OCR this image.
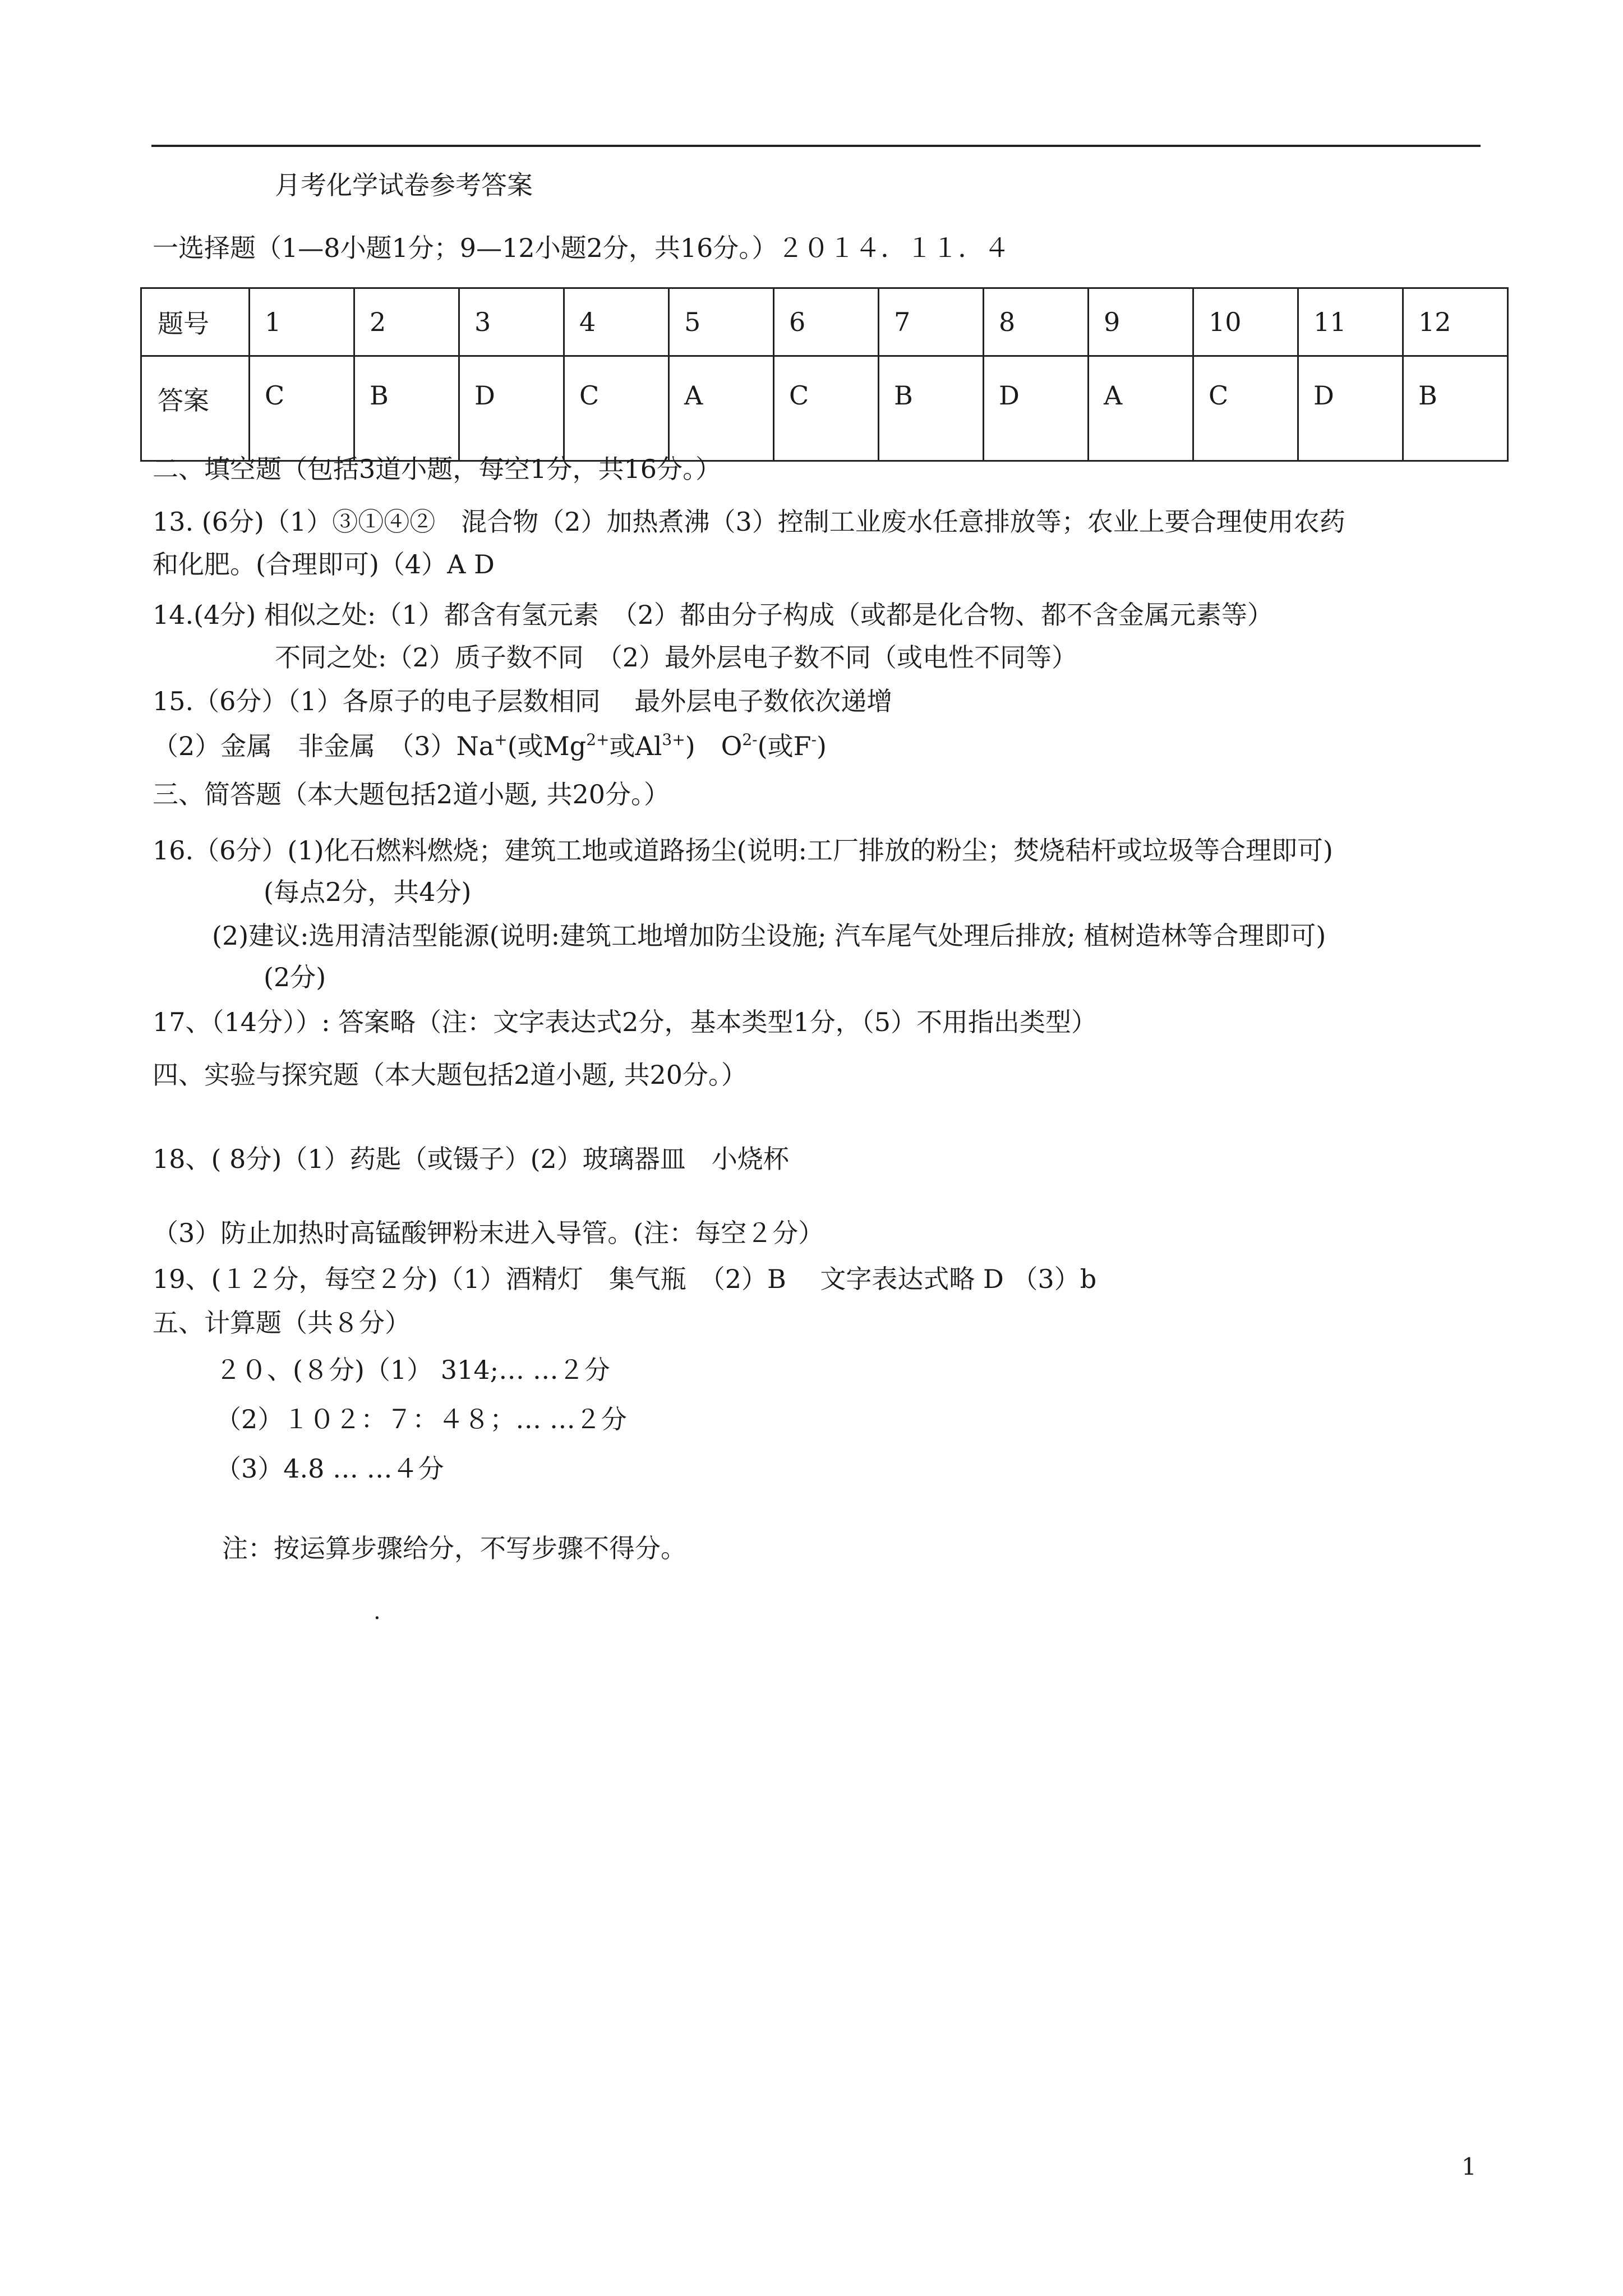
月考化学试卷参考答案
一选择题（1—8小题1分；9—12小题2分，共16分。）２０１４．１１．４
题号	1	2	3	4	5	6	7	8	9	10	11	12
答案	C	B	D	C	A	C	B	D	A	C	D	B
二、填空题（包括3道小题，每空1分，共16分。）
13. (6分)（1）③①④②　混合物（2）加热煮沸（3）控制工业废水任意排放等；农业上要合理使用农药
和化肥。(合理即可)（4）A D
14.(4分) 相似之处:（1）都含有氢元素　（2）都由分子构成（或都是化合物、都不含金属元素等）
不同之处:（2）质子数不同　（2）最外层电子数不同（或电性不同等）
15.（6分）（1）各原子的电子层数相同　 最外层电子数依次递增
（2）金属　非金属　（3）Na+(或$Mg^{2+}$或$Al^{3+}$)　$O^{2-}$(或F-)
三、简答题（本大题包括2道小题, 共20分。）
16.（6分）(1)化石燃料燃烧；建筑工地或道路扬尘(说明:工厂排放的粉尘；焚烧秸杆或垃圾等合理即可)
(每点2分，共4分)
(2)建议:选用清洁型能源(说明:建筑工地增加防尘设施; 汽车尾气处理后排放; 植树造林等合理即可)
(2分)
17、（14分））: 答案略（注：文字表达式2分，基本类型1分，（5）不用指出类型）
四、实验与探究题（本大题包括2道小题, 共20分。）
18、( 8分)（1）药匙（或镊子）(2）玻璃器皿　小烧杯
（3）防止加热时高锰酸钾粉末进入导管。(注：每空２分）
19、(１２分，每空２分)（1）酒精灯　集气瓶　（2）B　 文字表达式略 D （3）b
五、计算题（共８分）
２０、(８分)（1） 314;… …２分
（2）１０２：７：４８；… …２分
（3）4.8 … …４分
注：按运算步骤给分，不写步骤不得分。
.
1
